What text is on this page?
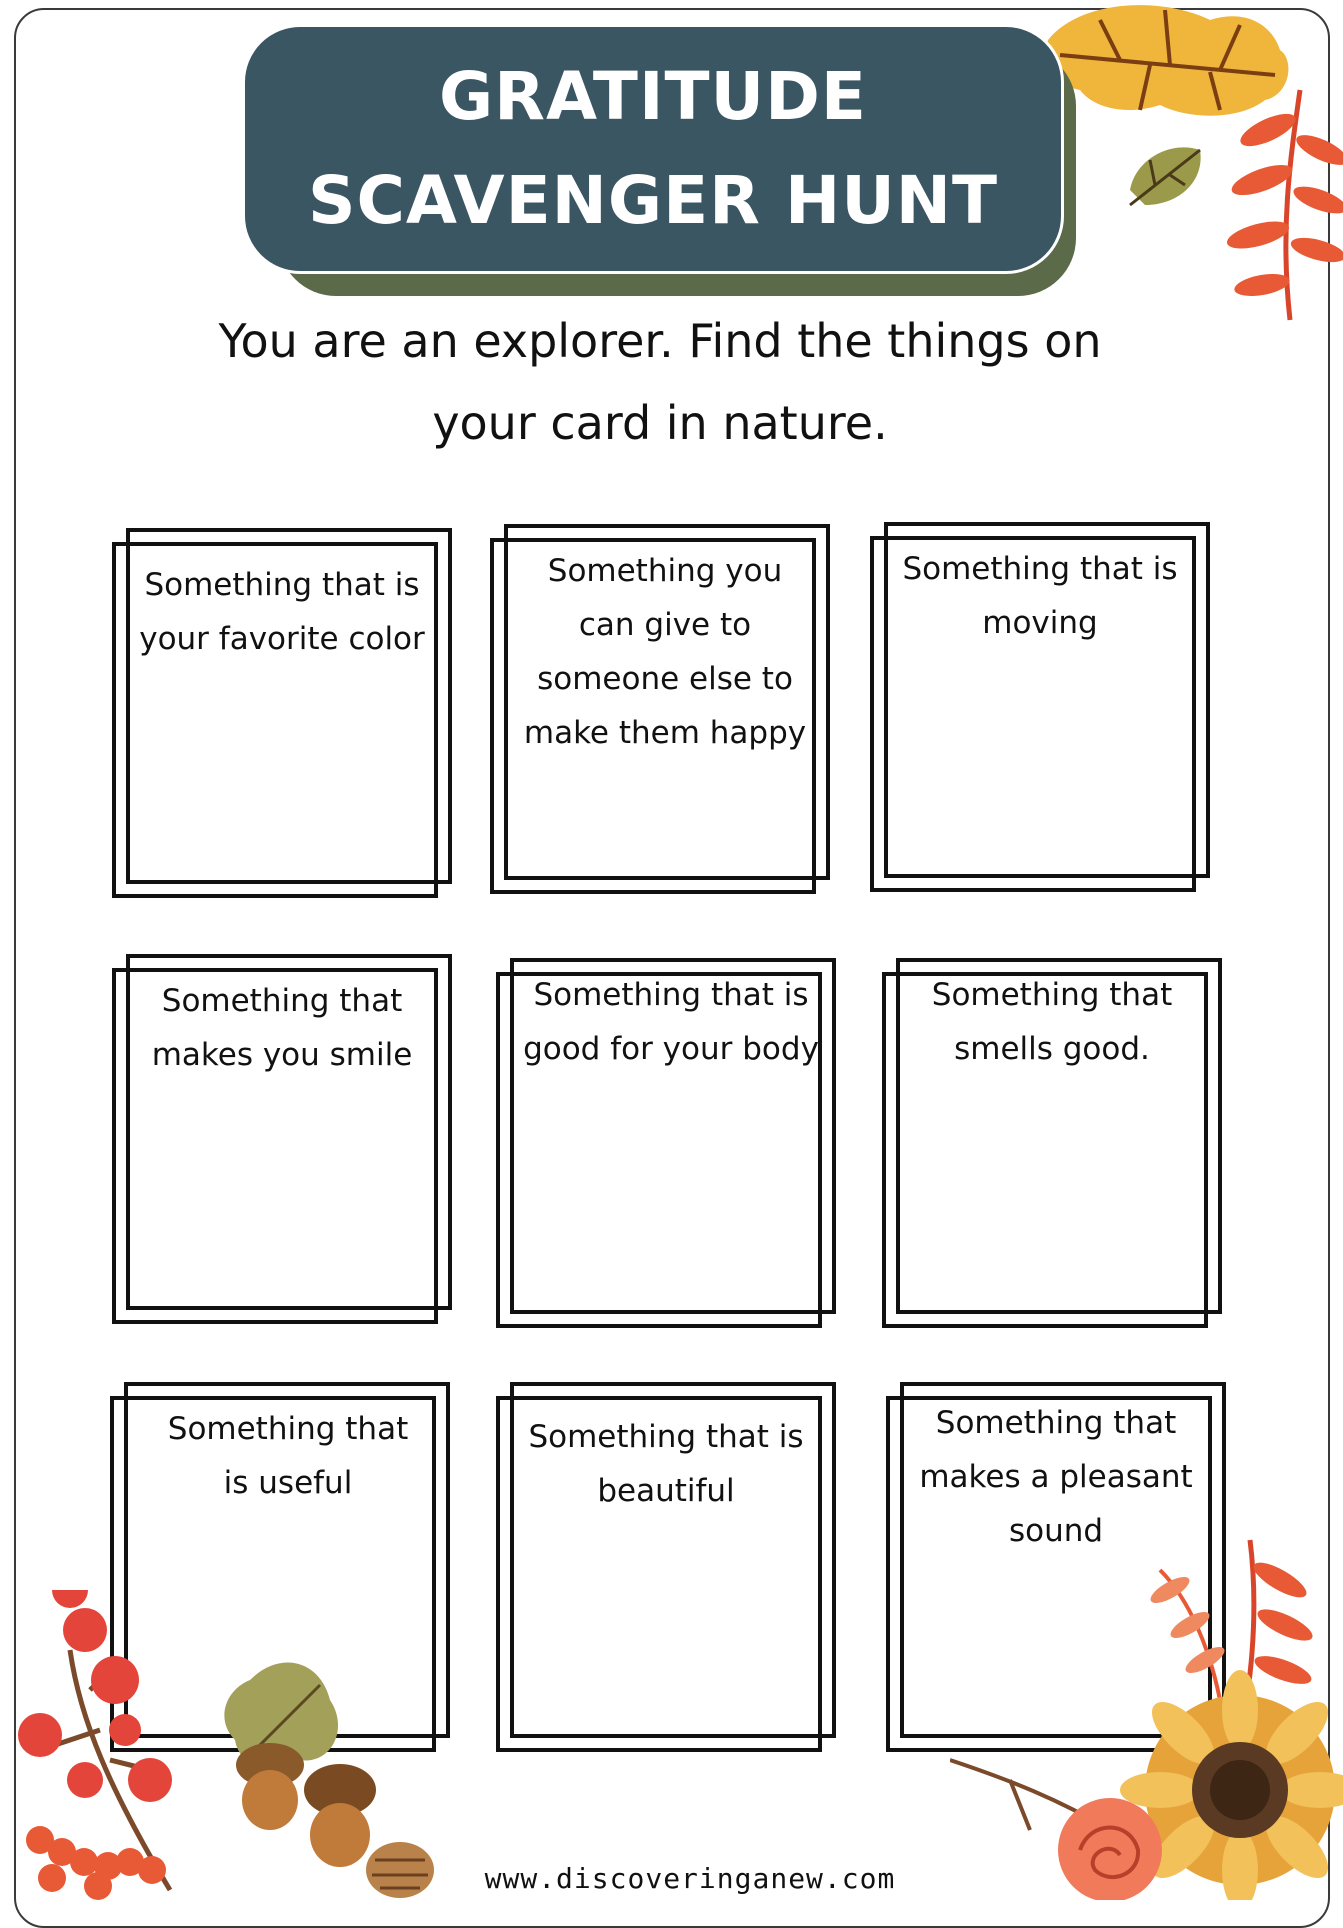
GRATITUDE
SCAVENGER HUNT
You are an explorer. Find the things on
your card in nature.
Something that is your favorite color
Something you can give to someone else to make them happy
Something that is moving
Something that makes you smile
Something that is good for your body
Something that smells good.
Something that is useful
Something that is beautiful
Something that makes a pleasant sound
www.discoveringanew.com
